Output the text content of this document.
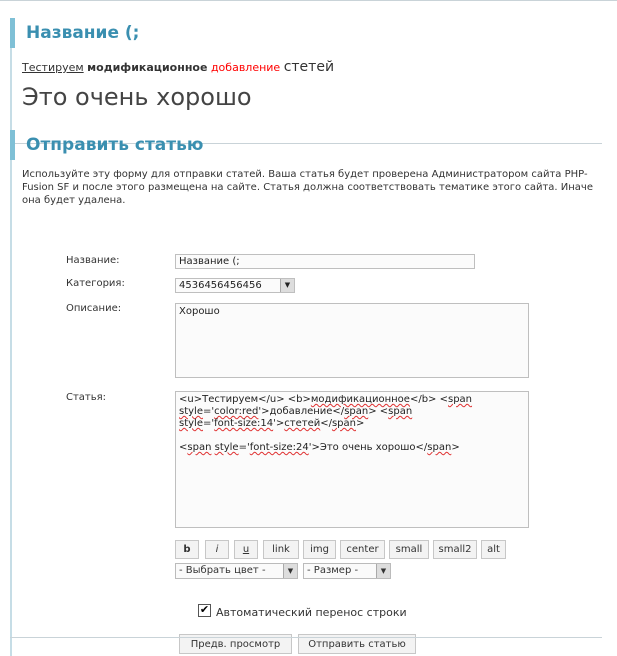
Название (;
Тестируем модификационное добавление стетей
Это очень хорошо
Отправить статью
Используйте эту форму для отправки статей. Ваша статья будет проверена Администратором сайта PHP-Fusion SF и после этого размещена на сайте. Статья должна соответствовать тематике этого сайта. Иначе она будет удалена.
Название:	Название (;
Категория:	4536456456456	▼
Описание:	Хорошо
Статья:	<u>Тестируем</u> <b>модификационное</b> <span
style='color:red'>добавление</span> <span
style='font-size:14'>стетей</span>
<span style='font-size:24'>Это очень хорошо</span>
b	i	u	link	img	center	small	small2	alt
- Выбрать цвет -	▼	- Размер -	▼
✔ Автоматический перенос строки
Предв. просмотр	Отправить статью
